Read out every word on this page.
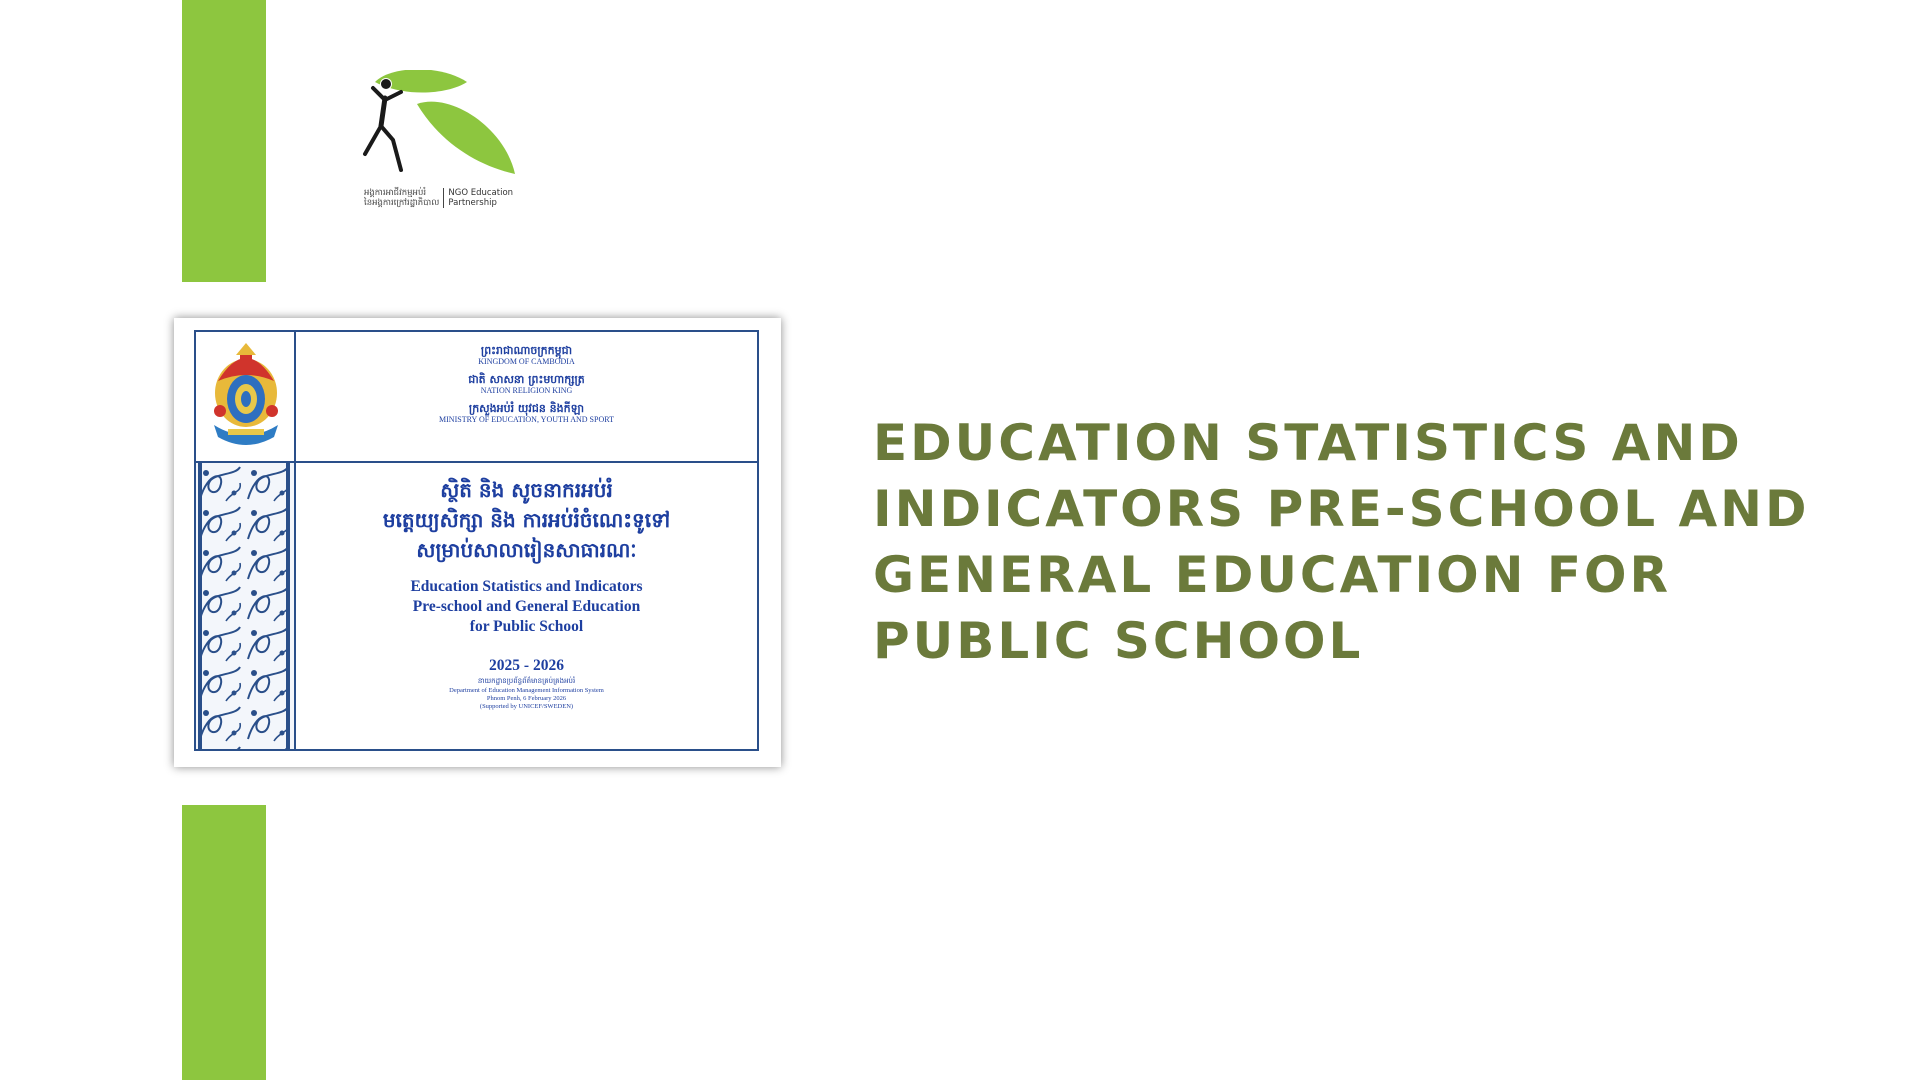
អង្គការអាជីវកម្មអប់រំ
នៃអង្គការក្រៅរដ្ឋាភិបាល
NGO Education
Partnership
ព្រះរាជាណាចក្រកម្ពុជា
KINGDOM OF CAMBODIA
ជាតិ សាសនា ព្រះមហាក្សត្រ
NATION RELIGION KING
ក្រសួងអប់រំ យុវជន និងកីឡា
MINISTRY OF EDUCATION, YOUTH AND SPORT
ស្ថិតិ និង សូចនាករអប់រំ
មត្តេយ្យសិក្សា និង ការអប់រំចំណេះទូទៅ
សម្រាប់សាលារៀនសាធារណៈ
Education Statistics and Indicators
Pre-school and General Education
for Public School
2025 - 2026
នាយកដ្ឋានប្រព័ន្ធព័ត៌មានគ្រប់គ្រងអប់រំ
Department of Education Management Information System
Phnom Penh, 6 February 2026
(Supported by UNICEF/SWEDEN)
EDUCATION STATISTICS AND INDICATORS PRE-SCHOOL AND GENERAL EDUCATION FOR PUBLIC SCHOOL
